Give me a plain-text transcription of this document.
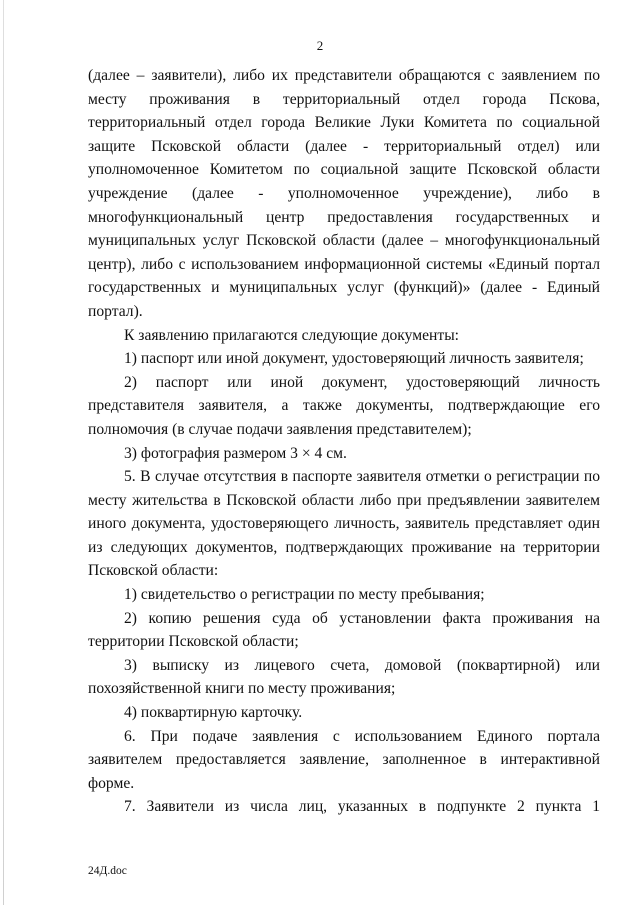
2

(далее – заявители), либо их представители обращаются с заявлением по месту проживания в территориальный отдел города Пскова, территориальный отдел города Великие Луки Комитета по социальной защите Псковской области (далее - территориальный отдел) или уполномоченное Комитетом по социальной защите Псковской области учреждение (далее - уполномоченное учреждение), либо в многофункциональный центр предоставления государственных и муниципальных услуг Псковской области (далее – многофункциональный центр), либо с использованием информационной системы «Единый портал государственных и муниципальных услуг (функций)» (далее - Единый портал).

К заявлению прилагаются следующие документы:

1) паспорт или иной документ, удостоверяющий личность заявителя;

2) паспорт или иной документ, удостоверяющий личность представителя заявителя, а также документы, подтверждающие его полномочия (в случае подачи заявления представителем);

3) фотография размером 3 × 4 см.

5. В случае отсутствия в паспорте заявителя отметки о регистрации по месту жительства в Псковской области либо при предъявлении заявителем иного документа, удостоверяющего личность, заявитель представляет один из следующих документов, подтверждающих проживание на территории Псковской области:

1) свидетельство о регистрации по месту пребывания;

2) копию решения суда об установлении факта проживания на территории Псковской области;

3) выписку из лицевого счета, домовой (поквартирной) или похозяйственной книги по месту проживания;

4) поквартирную карточку.

6. При подаче заявления с использованием Единого портала заявителем предоставляется заявление, заполненное в интерактивной форме.

7. Заявители из числа лиц, указанных в подпункте 2 пункта 1

24Д.doc
